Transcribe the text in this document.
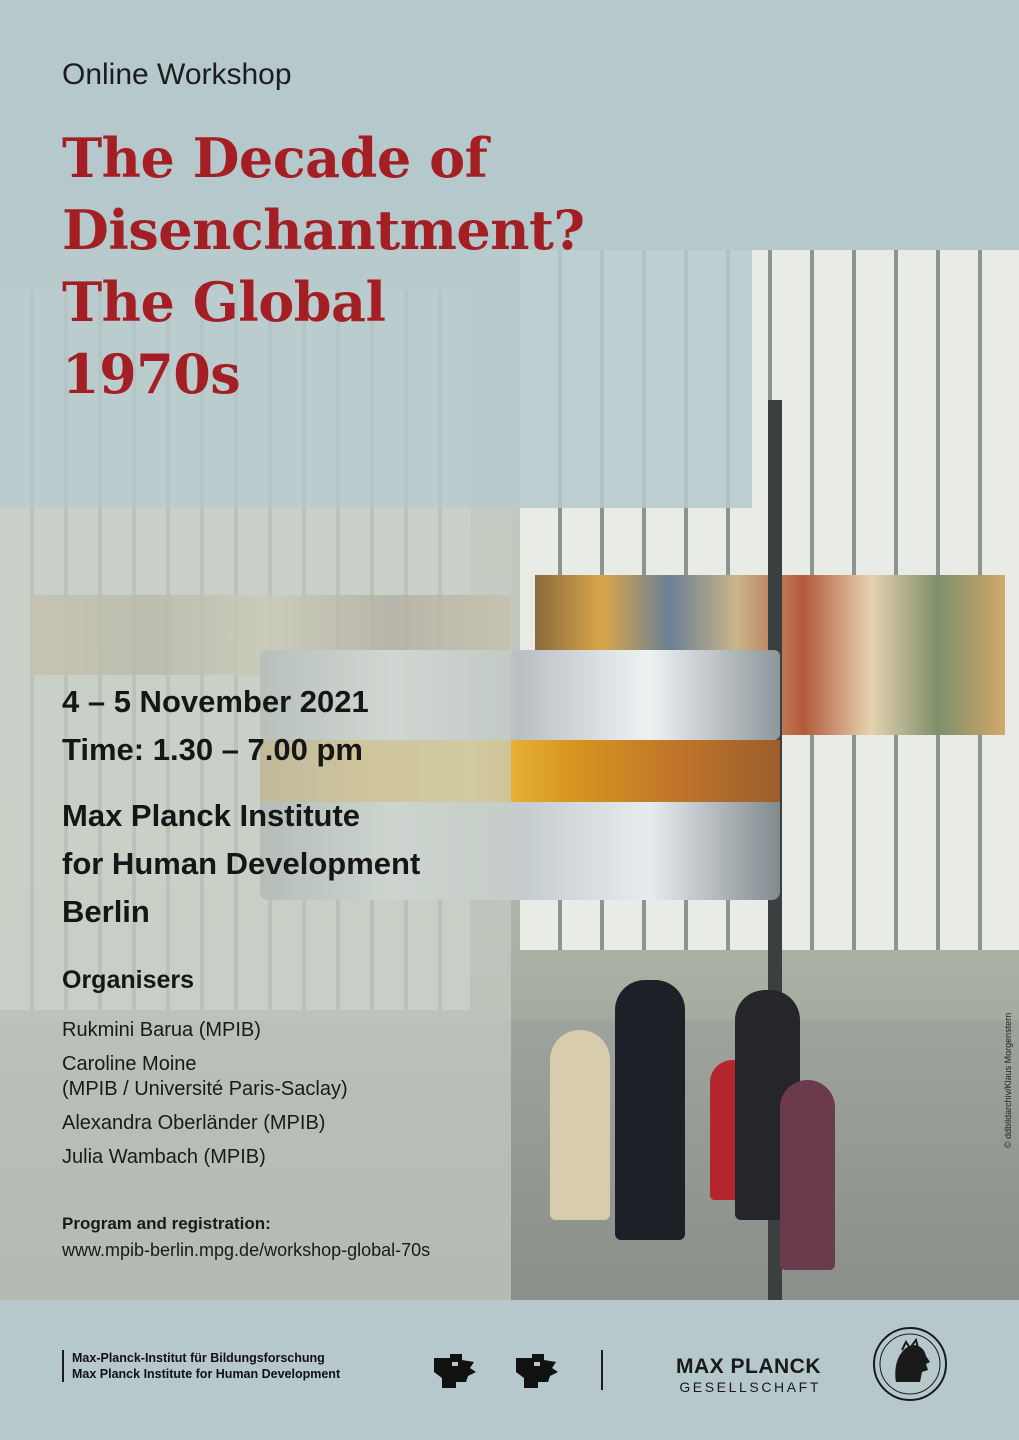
Online Workshop

The Decade of
Disenchantment?
The Global
1970s
4 – 5 November 2021
Time: 1.30 – 7.00 pm
Max Planck Institute
for Human Development
Berlin

Organisers

Rukmini Barua (MPIB)
Caroline Moine
(MPIB / Université Paris-Saclay)
Alexandra Oberländer (MPIB)
Julia Wambach (MPIB)
Program and registration:
www.mpib-berlin.mpg.de/workshop-global-70s
© ddbildarchiv/Klaus Morgenstern
Max-Planck-Institut für Bildungsforschung
Max Planck Institute for Human Development	MAX PLANCK
GESELLSCHAFT
